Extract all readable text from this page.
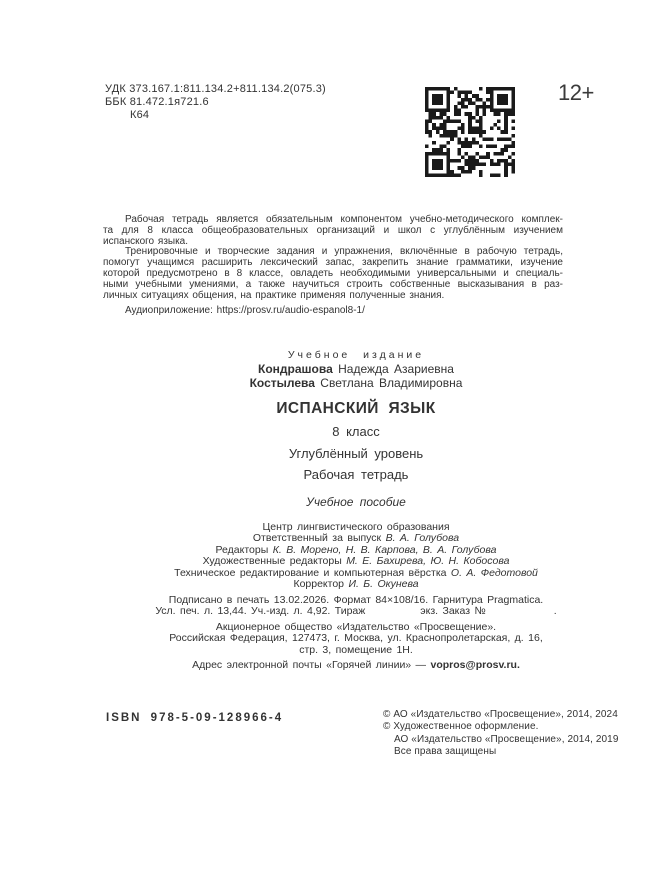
УДК 373.167.1:811.134.2+811.134.2(075.3)
ББК 81.472.1я721.6
К64
12+
Рабочая тетрадь является обязательным компонентом учебно-методического комплек-
та для 8 класса общеобразовательных организаций и школ с углублённым изучением
испанского языка.
Тренировочные и творческие задания и упражнения, включённые в рабочую тетрадь,
помогут учащимся расширить лексический запас, закрепить знание грамматики, изучение
которой предусмотрено в 8 классе, овладеть необходимыми универсальными и специаль-
ными учебными умениями, а также научиться строить собственные высказывания в раз-
личных ситуациях общения, на практике применяя полученные знания.
Аудиоприложение: https://prosv.ru/audio-espanol8-1/
Учебное издание
Кондрашова Надежда Азариевна
Костылева Светлана Владимировна
ИСПАНСКИЙ ЯЗЫК
8 класс
Углублённый уровень
Рабочая тетрадь
Учебное пособие
Центр лингвистического образования
Ответственный за выпуск В. А. Голубова
Редакторы К. В. Морено, Н. В. Карпова, В. А. Голубова
Художественные редакторы М. Е. Бахирева, Ю. Н. Кобосова
Техническое редактирование и компьютерная вёрстка О. А. Федотовой
Корректор И. Б. Окунева
Подписано в печать 13.02.2026. Формат 84×108/16. Гарнитура Pragmatica.
Усл. печ. л. 13,44. Уч.-изд. л. 4,92. Тираж	экз. Заказ №	.
Акционерное общество «Издательство «Просвещение».
Российская Федерация, 127473, г. Москва, ул. Краснопролетарская, д. 16,
стр. 3, помещение 1Н.
Адрес электронной почты «Горячей линии» — vopros@prosv.ru.
ISBN 978-5-09-128966-4	© АО «Издательство «Просвещение», 2014, 2024
© Художественное оформление.
АО «Издательство «Просвещение», 2014, 2019
Все права защищены
